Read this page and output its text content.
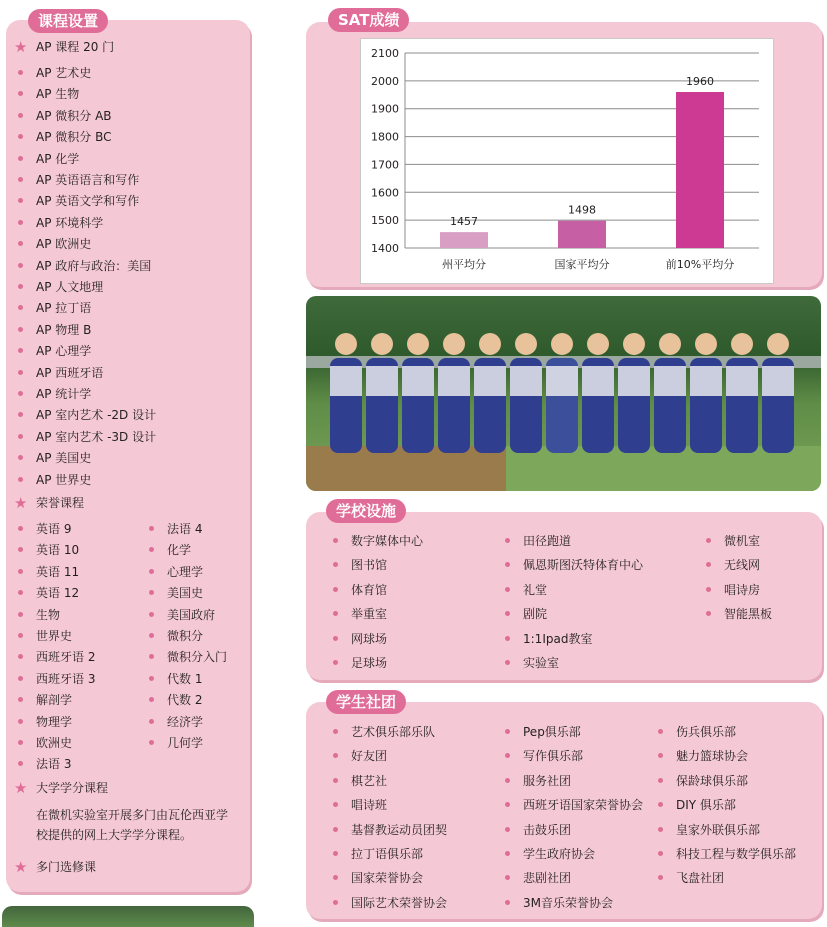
课程设置
★ AP 课程 20 门
AP 艺术史
AP 生物
AP 微积分 AB
AP 微积分 BC
AP 化学
AP 英语语言和写作
AP 英语文学和写作
AP 环境科学
AP 欧洲史
AP 政府与政治：美国
AP 人文地理
AP 拉丁语
AP 物理 B
AP 心理学
AP 西班牙语
AP 统计学
AP 室内艺术 -2D 设计
AP 室内艺术 -3D 设计
AP 美国史
AP 世界史
★ 荣誉课程
英语 9
英语 10
英语 11
英语 12
生物
世界史
西班牙语 2
西班牙语 3
解剖学
物理学
欧洲史
法语 3
法语 4
化学
心理学
美国史
美国政府
微积分
微积分入门
代数 1
代数 2
经济学
几何学
★ 大学学分课程
在微机实验室开展多门由瓦伦西亚学
校提供的网上大学学分课程。
★ 多门选修课
SAT成绩
1400
1500
1600
1700
1800
1900
2000
2100
1457
州平均分
1498
国家平均分
1960
前10%平均分
学校设施
数字媒体中心
图书馆
体育馆
举重室
网球场
足球场
田径跑道
佩恩斯图沃特体育中心
礼堂
剧院
1:1Ipad教室
实验室
微机室
无线网
唱诗房
智能黑板
学生社团
艺术俱乐部乐队
好友团
棋艺社
唱诗班
基督教运动员团契
拉丁语俱乐部
国家荣誉协会
国际艺术荣誉协会
Pep俱乐部
写作俱乐部
服务社团
西班牙语国家荣誉协会
击鼓乐团
学生政府协会
悲剧社团
3M音乐荣誉协会
伤兵俱乐部
魅力篮球协会
保龄球俱乐部
DIY 俱乐部
皇家外联俱乐部
科技工程与数学俱乐部
飞盘社团
